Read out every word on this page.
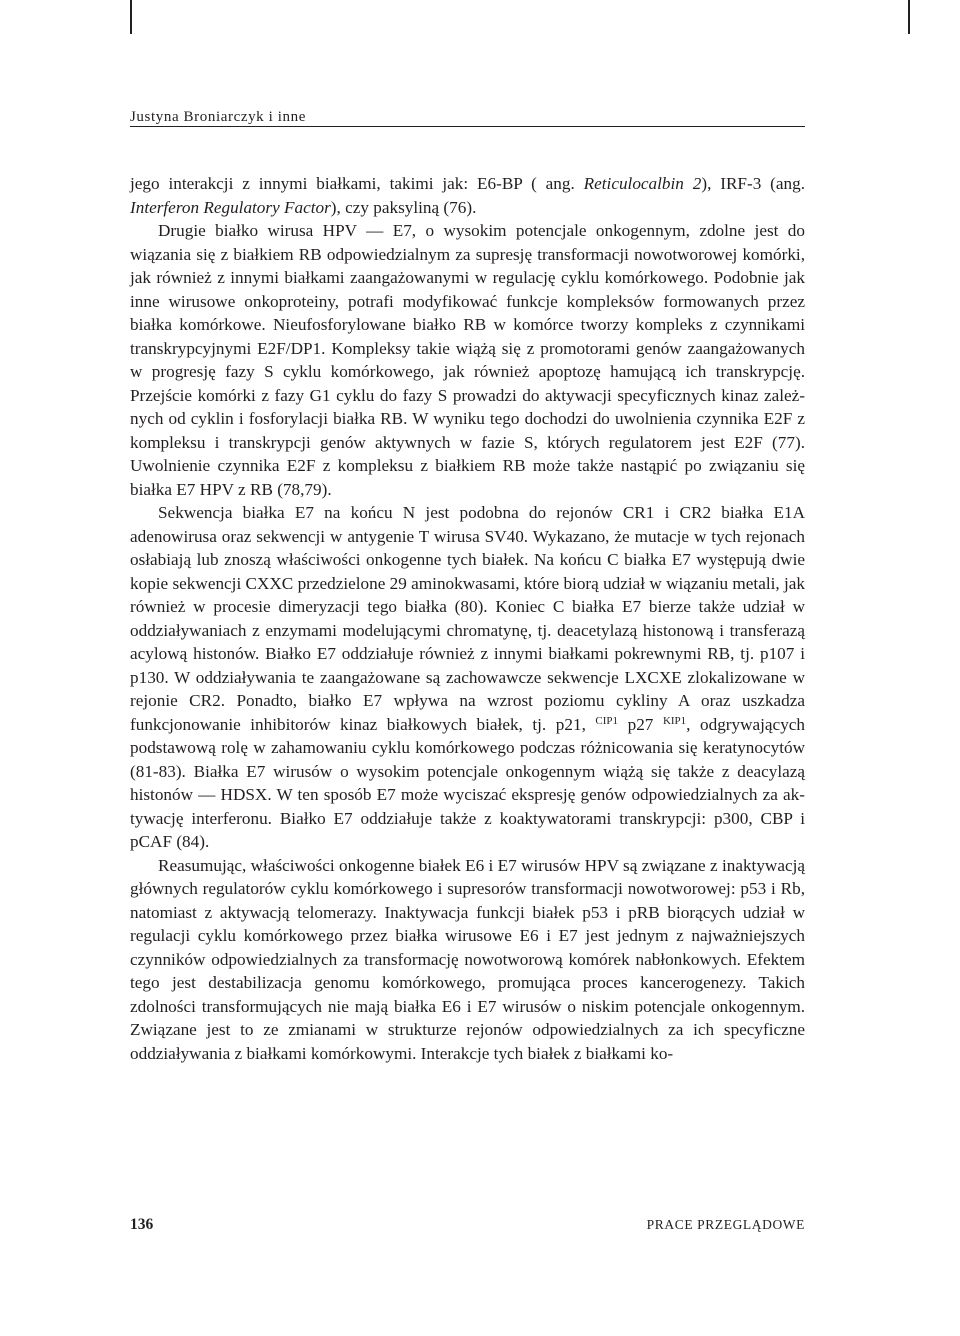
Justyna Broniarczyk i inne

jego interakcji z innymi białkami, takimi jak: E6-BP ( ang. Reticulocalbin 2), IRF-3 (ang. Interferon Regulatory Factor), czy paksyliną (76).

Drugie białko wirusa HPV — E7, o wysokim potencjale onkogennym, zdolne jest do wiązania się z białkiem RB odpowiedzialnym za supresję transformacji nowotworowej komórki, jak również z innymi białkami zaangażowanymi w regulację cyklu komórkowego. Podobnie jak inne wirusowe onkoproteiny, potrafi modyfikować funkcje kompleksów formowanych przez białka komórkowe. Nieufosforylowane białko RB w komórce tworzy kompleks z czynnikami transkrypcyjnymi E2F/DP1. Kompleksy takie wiążą się z promotorami genów zaangażowanych w progresję fazy S cyklu komórkowego, jak również apoptozę hamującą ich transkrypcję. Przejście komórki z fazy G1 cyklu do fazy S prowadzi do aktywacji specyficznych kinaz zależnych od cyklin i fosforylacji białka RB. W wyniku tego dochodzi do uwolnienia czynnika E2F z kompleksu i transkrypcji genów aktywnych w fazie S, których regulatorem jest E2F (77). Uwolnienie czynnika E2F z kompleksu z białkiem RB może także nastąpić po związaniu się białka E7 HPV z RB (78,79).

Sekwencja białka E7 na końcu N jest podobna do rejonów CR1 i CR2 białka E1A adenowirusa oraz sekwencji w antygenie T wirusa SV40. Wykazano, że mutacje w tych rejonach osłabiają lub znoszą właściwości onkogenne tych białek. Na końcu C białka E7 występują dwie kopie sekwencji CXXC przedzielone 29 aminokwasami, które biorą udział w wiązaniu metali, jak również w procesie dimeryzacji tego białka (80). Koniec C białka E7 bierze także udział w oddziaływaniach z enzymami modelującymi chromatynę, tj. deacetylazą histonową i transferazą acylową histonów. Białko E7 oddziałuje również z innymi białkami pokrewnymi RB, tj. p107 i p130. W oddziaływania te zaangażowane są zachowawcze sekwencje LXCXE zlokalizowane w rejonie CR2. Ponadto, białko E7 wpływa na wzrost poziomu cykliny A oraz uszkadza funkcjonowanie inhibitorów kinaz białkowych białek, tj. p21, $^{CIP1}$ p27 $^{KIP1}$, odgrywających podstawową rolę w zahamowaniu cyklu komórkowego podczas różnicowania się keratynocytów (81-83). Białka E7 wirusów o wysokim potencjale onkogennym wiążą się także z deacylazą histonów — HDSX. W ten sposób E7 może wyciszać ekspresję genów odpowiedzialnych za aktywację interferonu. Białko E7 oddziałuje także z koaktywatorami transkrypcji: p300, CBP i pCAF (84).

Reasumując, właściwości onkogenne białek E6 i E7 wirusów HPV są związane z inaktywacją głównych regulatorów cyklu komórkowego i supresorów transformacji nowotworowej: p53 i Rb, natomiast z aktywacją telomerazy. Inaktywacja funkcji białek p53 i pRB biorących udział w regulacji cyklu komórkowego przez białka wirusowe E6 i E7 jest jednym z najważniejszych czynników odpowiedzialnych za transformację nowotworową komórek nabłonkowych. Efektem tego jest destabilizacja genomu komórkowego, promująca proces kancerogenezy. Takich zdolności transformujących nie mają białka E6 i E7 wirusów o niskim potencjale onkogennym. Związane jest to ze zmianami w strukturze rejonów odpowiedzialnych za ich specyficzne oddziaływania z białkami komórkowymi. Interakcje tych białek z białkami ko-

136	PRACE PRZEGLĄDOWE
